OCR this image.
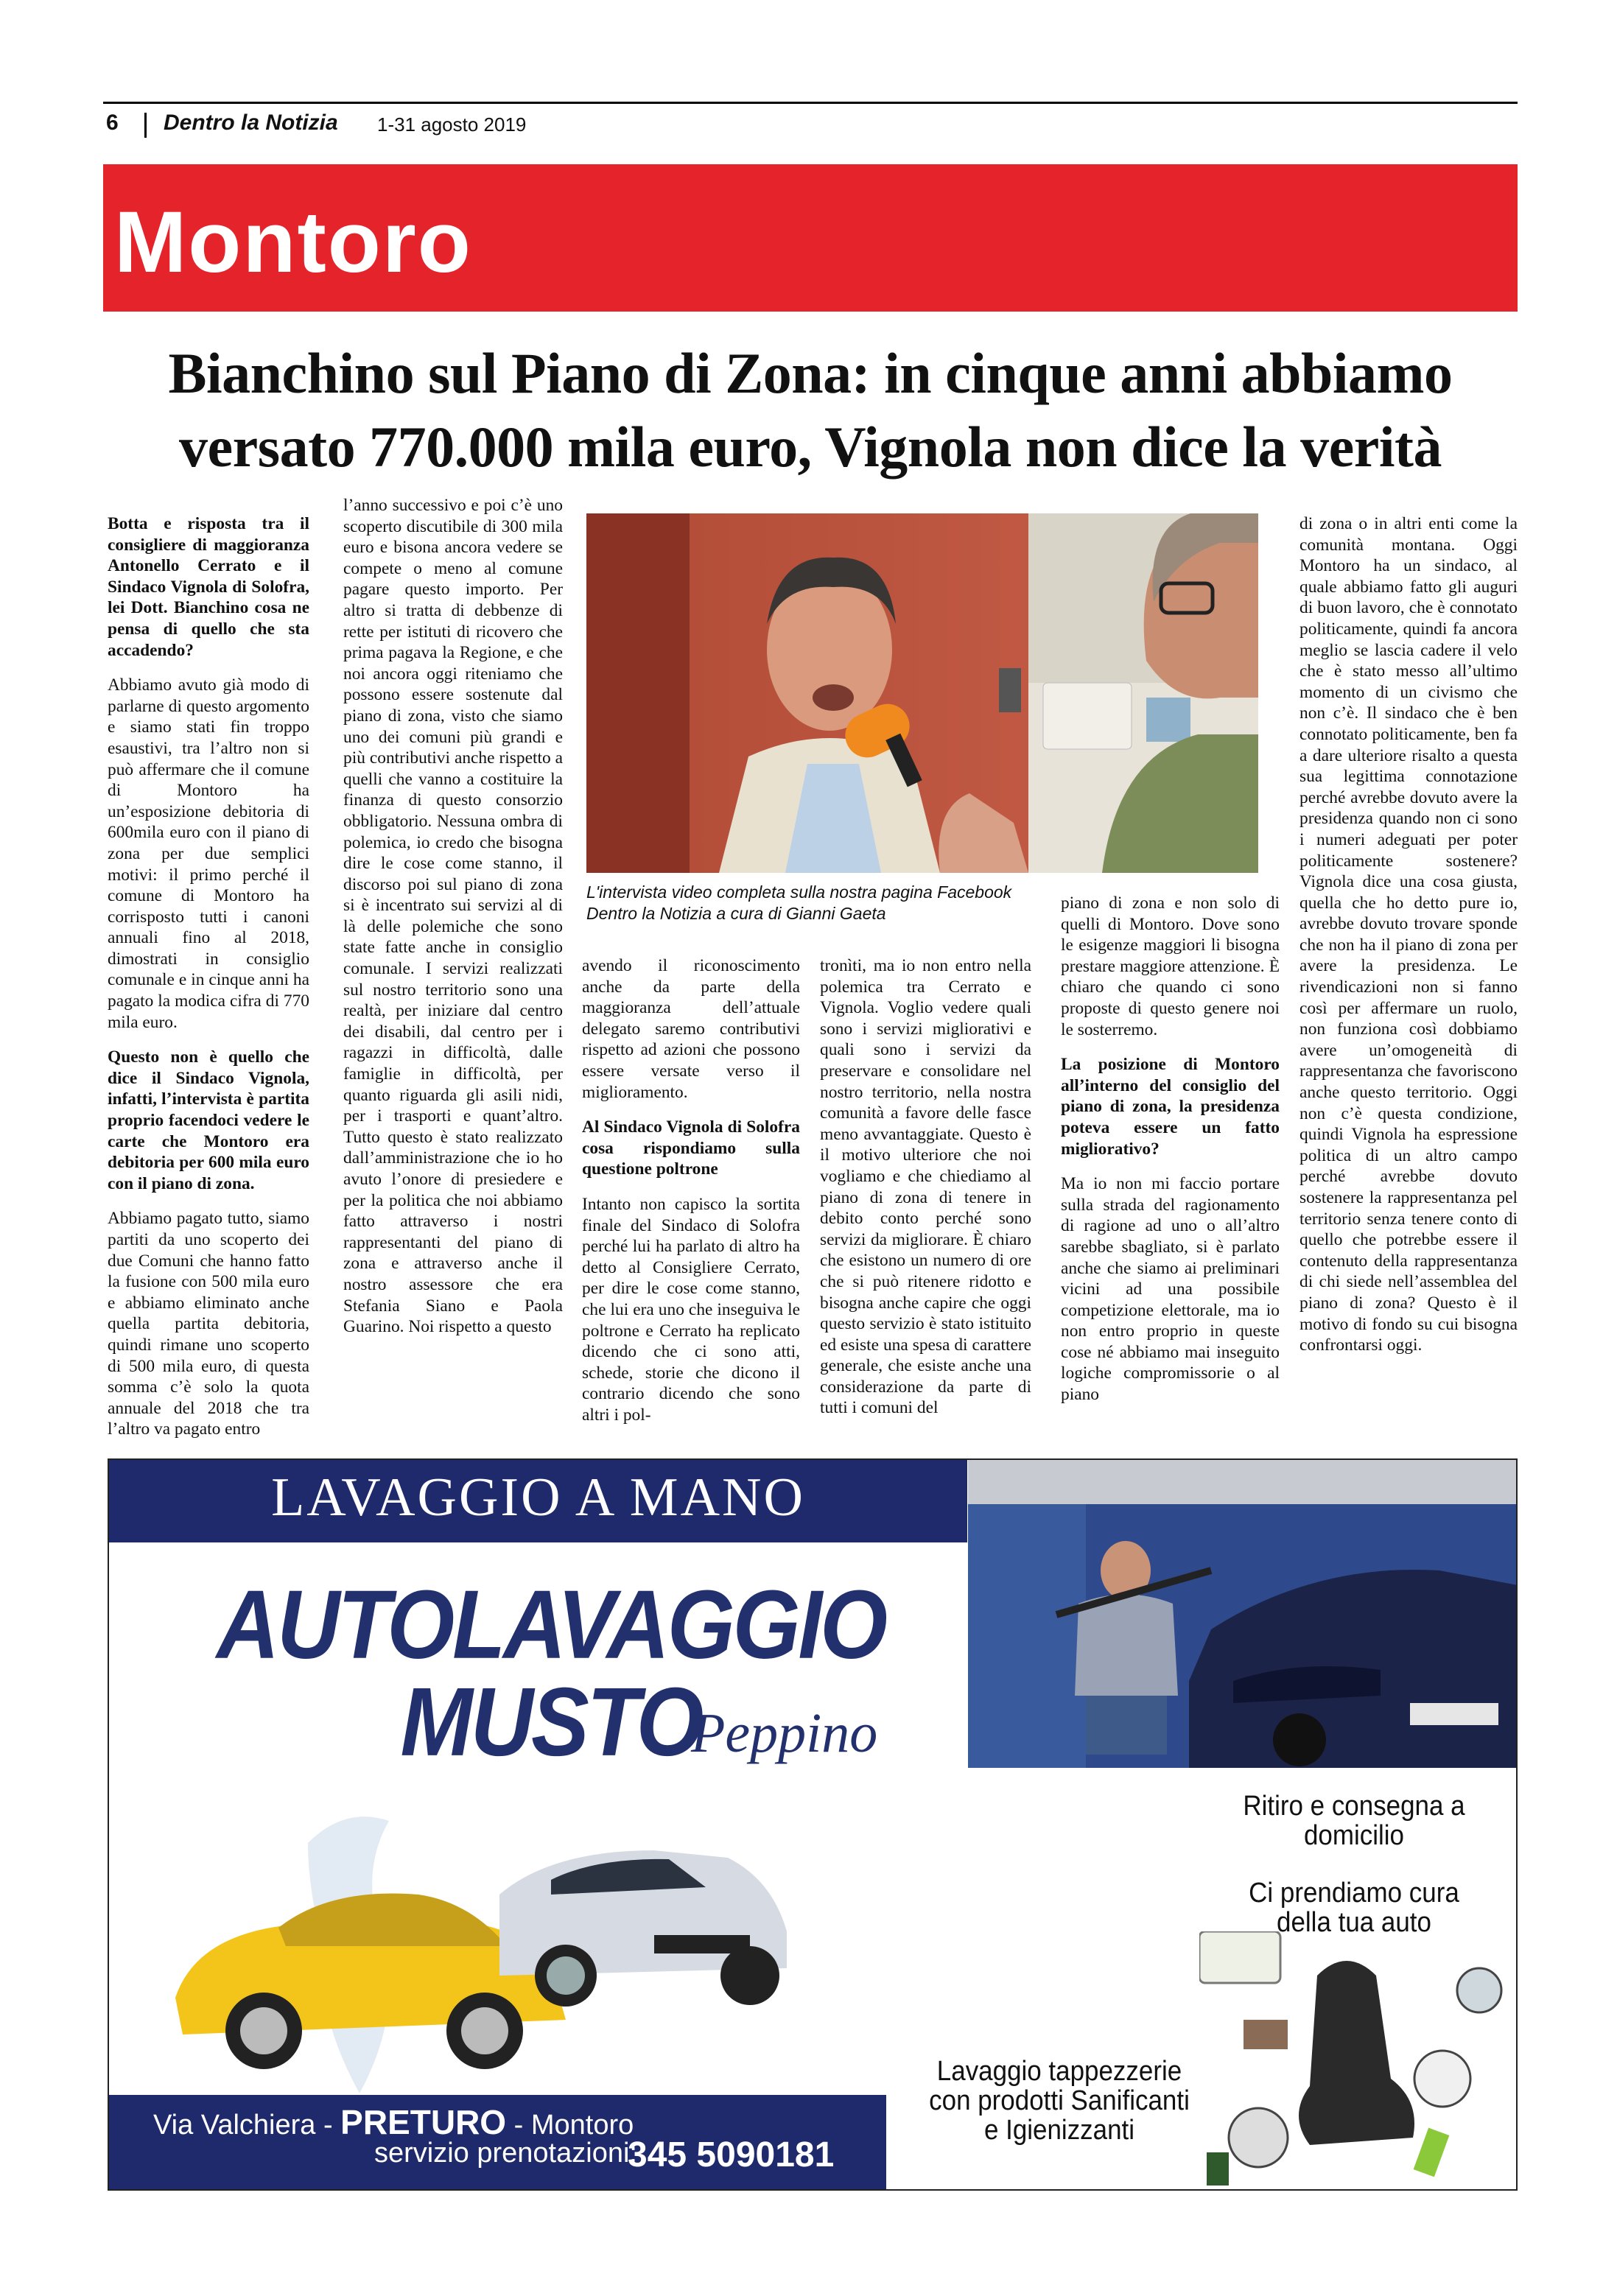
6 Dentro la Notizia 1-31 agosto 2019
Montoro
Bianchino sul Piano di Zona: in cinque anni abbiamo
versato 770.000 mila euro, Vignola non dice la verità

Botta e risposta tra il consigliere di maggioranza Antonello Cerrato e il Sindaco Vignola di Solofra, lei Dott. Bianchino cosa ne pensa di quello che sta accadendo?

Abbiamo avuto già modo di parlarne di questo argomento e siamo stati fin troppo esaustivi, tra l’altro non si può affermare che il comune di Montoro ha un’esposizione debitoria di 600mila euro con il piano di zona per due semplici motivi: il primo perché il comune di Montoro ha corrisposto tutti i canoni annuali fino al 2018, dimostrati in consiglio comunale e in cinque anni ha pagato la modica cifra di 770 mila euro.

Questo non è quello che dice il Sindaco Vignola, infatti, l’intervista è partita proprio facendoci vedere le carte che Montoro era debitoria per 600 mila euro con il piano di zona.

Abbiamo pagato tutto, siamo partiti da uno scoperto dei due Comuni che hanno fatto la fusione con 500 mila euro e abbiamo eliminato anche quella partita debitoria, quindi rimane uno scoperto di 500 mila euro, di questa somma c’è solo la quota annuale del 2018 che tra l’altro va pagato entro

l’anno successivo e poi c’è uno scoperto discutibile di 300 mila euro e bisona ancora vedere se compete o meno al comune pagare questo importo. Per altro si tratta di debbenze di rette per istituti di ricovero che prima pagava la Regione, e che noi ancora oggi riteniamo che possono essere sostenute dal piano di zona, visto che siamo uno dei comuni più grandi e più contributivi anche rispetto a quelli che vanno a costituire la finanza di questo consorzio obbligatorio. Nessuna ombra di polemica, io credo che bisogna dire le cose come stanno, il discorso poi sul piano di zona si è incentrato sui servizi al di là delle polemiche che sono state fatte anche in consiglio comunale. I servizi realizzati sul nostro territorio sono una realtà, per iniziare dal centro dei disabili, dal centro per i ragazzi in difficoltà, dalle famiglie in difficoltà, per quanto riguarda gli asili nidi, per i trasporti e quant’altro. Tutto questo è stato realizzato dall’amministrazione che io ho avuto l’onore di presiedere e per la politica che noi abbiamo fatto attraverso i nostri rappresentanti del piano di zona e attraverso anche il nostro assessore che era Stefania Siano e Paola Guarino. Noi rispetto a questo

avendo il riconoscimento anche da parte della maggioranza dell’attuale delegato saremo contributivi rispetto ad azioni che possono essere versate verso il miglioramento.

Al Sindaco Vignola di Solofra cosa rispondiamo sulla questione poltrone

Intanto non capisco la sortita finale del Sindaco di Solofra perché lui ha parlato di altro ha detto al Consigliere Cerrato, per dire le cose come stanno, che lui era uno che inseguiva le poltrone e Cerrato ha replicato dicendo che ci sono atti, schede, storie che dicono il contrario dicendo che sono altri i pol-

tronìti, ma io non entro nella polemica tra Cerrato e Vignola. Voglio vedere quali sono i servizi migliorativi e quali sono i servizi da preservare e consolidare nel nostro territorio, nella nostra comunità a favore delle fasce meno avvantaggiate. Questo è il motivo ulteriore che noi vogliamo e che chiediamo al piano di zona di tenere in debito conto perché sono servizi da migliorare. È chiaro che esistono un numero di ore che si può ritenere ridotto e bisogna anche capire che oggi questo servizio è stato istituito ed esiste una spesa di carattere generale, che esiste anche una considerazione da parte di tutti i comuni del

piano di zona e non solo di quelli di Montoro. Dove sono le esigenze maggiori li bisogna prestare maggiore attenzione. È chiaro che quando ci sono proposte di questo genere noi le sosterremo.

La posizione di Montoro all’interno del consiglio del piano di zona, la presidenza poteva essere un fatto migliorativo?

Ma io non mi faccio portare sulla strada del ragionamento di ragione ad uno o all’altro sarebbe sbagliato, si è parlato anche che siamo ai preliminari vicini ad una possibile competizione elettorale, ma io non entro proprio in queste cose né abbiamo mai inseguito logiche compromissorie o al piano

di zona o in altri enti come la comunità montana. Oggi Montoro ha un sindaco, al quale abbiamo fatto gli auguri di buon lavoro, che è connotato politicamente, quindi fa ancora meglio se lascia cadere il velo che è stato messo all’ultimo momento di un civismo che non c’è. Il sindaco che è ben connotato politicamente, ben fa a dare ulteriore risalto a questa sua legittima connotazione perché avrebbe dovuto avere la presidenza quando non ci sono i numeri adeguati per poter politicamente sostenere? Vignola dice una cosa giusta, quella che ho detto pure io, avrebbe dovuto trovare sponde che non ha il piano di zona per avere la presidenza. Le rivendicazioni non si fanno così per affermare un ruolo, non funziona così dobbiamo avere un’omogeneità di rappresentanza che favoriscono anche questo territorio. Oggi non c’è questa condizione, quindi Vignola ha espressione politica di un altro campo perché avrebbe dovuto sostenere la rappresentanza pel territorio senza tenere conto di quello che potrebbe essere il contenuto della rappresentanza di chi siede nell’assemblea del piano di zona? Questo è il motivo di fondo su cui bisogna confrontarsi oggi.

L'intervista video completa sulla nostra pagina Facebook Dentro la Notizia a cura di Gianni Gaeta
LAVAGGIO A MANO
AUTOLAVAGGIO MUSTO
Peppino
Ritiro e consegna a domicilio
Ci prendiamo cura della tua auto
Lavaggio tappezzerie con prodotti Sanificanti e Igienizzanti
Via Valchiera - PRETURO - Montoro
servizio prenotazioni:
345 5090181
